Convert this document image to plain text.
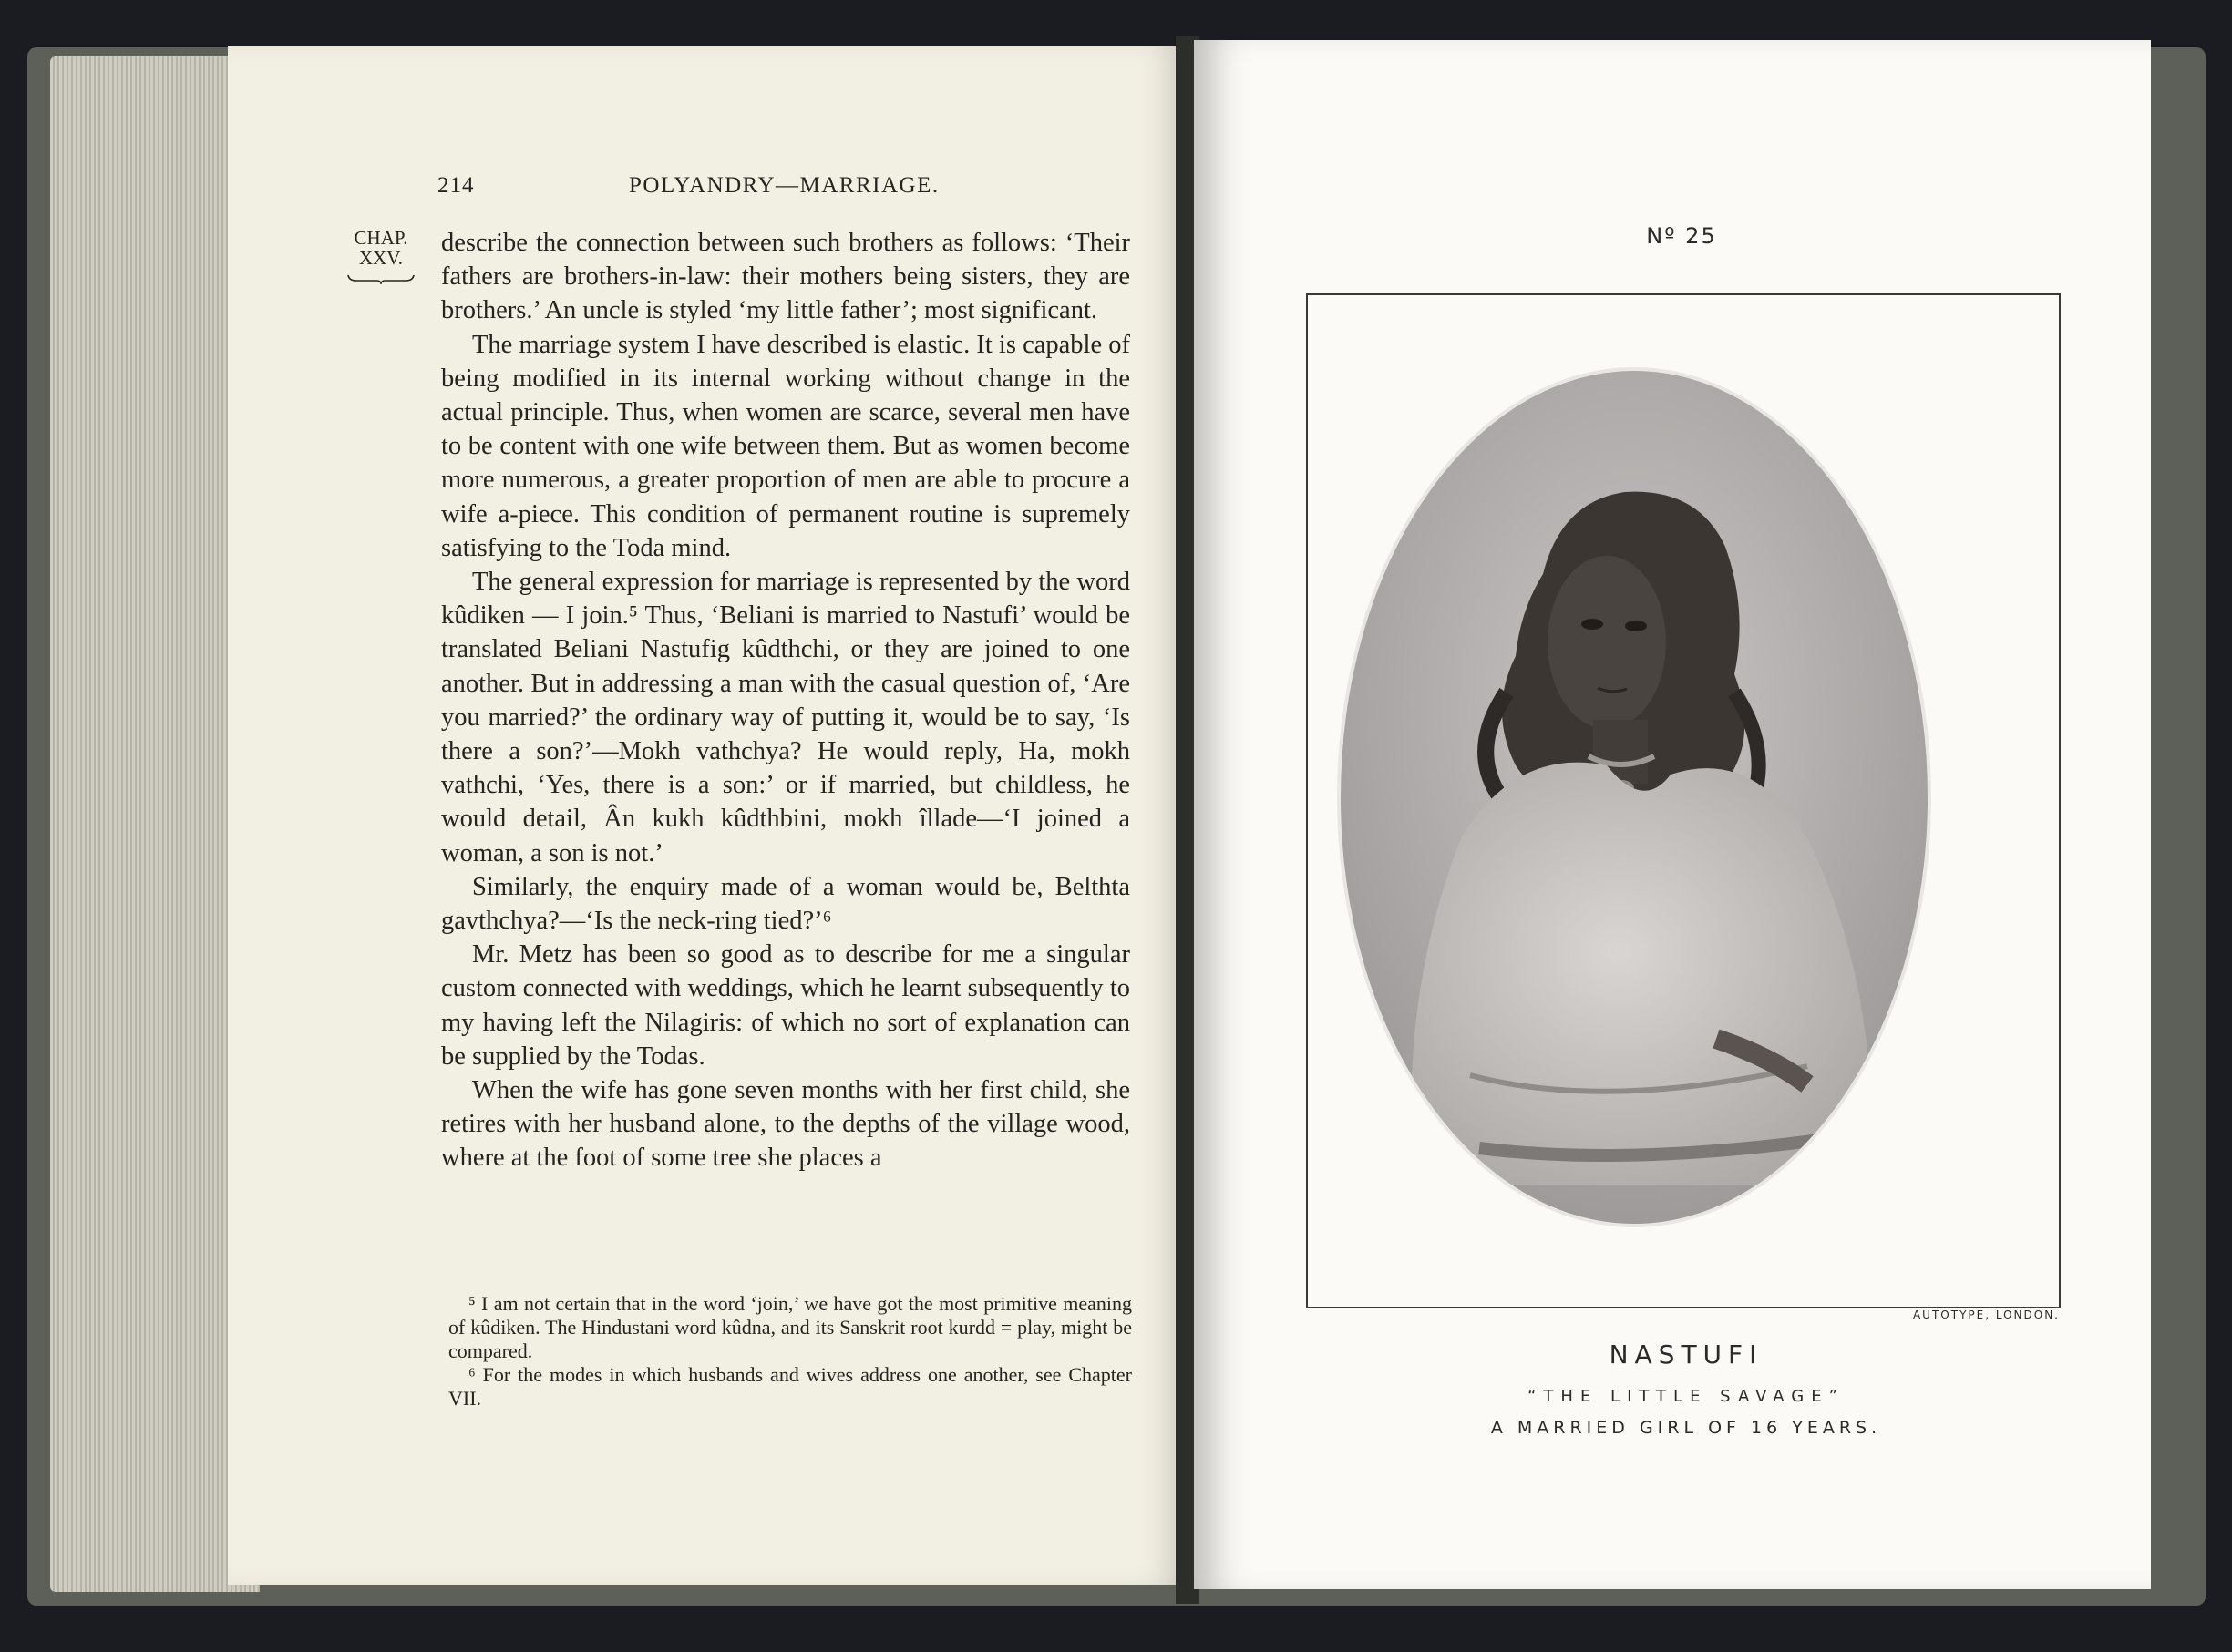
214	POLYANDRY—MARRIAGE.
CHAP.
XXV.

describe the connection between such brothers as follows: ‘Their fathers are brothers-in-law: their mothers being sisters, they are brothers.’ An uncle is styled ‘my little father’; most significant.

The marriage system I have described is elastic. It is capable of being modified in its internal working without change in the actual principle. Thus, when women are scarce, several men have to be content with one wife between them. But as women become more numerous, a greater proportion of men are able to procure a wife a-piece. This condition of permanent routine is supremely satisfying to the Toda mind.

The general expression for marriage is represented by the word kûdiken — I join.⁵ Thus, ‘Beliani is married to Nastufi’ would be translated Beliani Nastufig kûdthchi, or they are joined to one another. But in addressing a man with the casual question of, ‘Are you married?’ the ordinary way of putting it, would be to say, ‘Is there a son?’—Mokh vathchya? He would reply, Ha, mokh vathchi, ‘Yes, there is a son:’ or if married, but childless, he would detail, Ân kukh kûdthbini, mokh îllade—‘I joined a woman, a son is not.’

Similarly, the enquiry made of a woman would be, Belthta gavthchya?—‘Is the neck-ring tied?’⁶

Mr. Metz has been so good as to describe for me a singular custom connected with weddings, which he learnt subsequently to my having left the Nilagiris: of which no sort of explanation can be supplied by the Todas.

When the wife has gone seven months with her first child, she retires with her husband alone, to the depths of the village wood, where at the foot of some tree she places a

⁵ I am not certain that in the word ‘join,’ we have got the most primitive meaning of kûdiken. The Hindustani word kûdna, and its Sanskrit root kurdd = play, might be compared.

⁶ For the modes in which husbands and wives address one another, see Chapter VII.

Nº 25
AUTOTYPE, LONDON.
NASTUFI
“THE LITTLE SAVAGE”
A MARRIED GIRL OF 16 YEARS.
